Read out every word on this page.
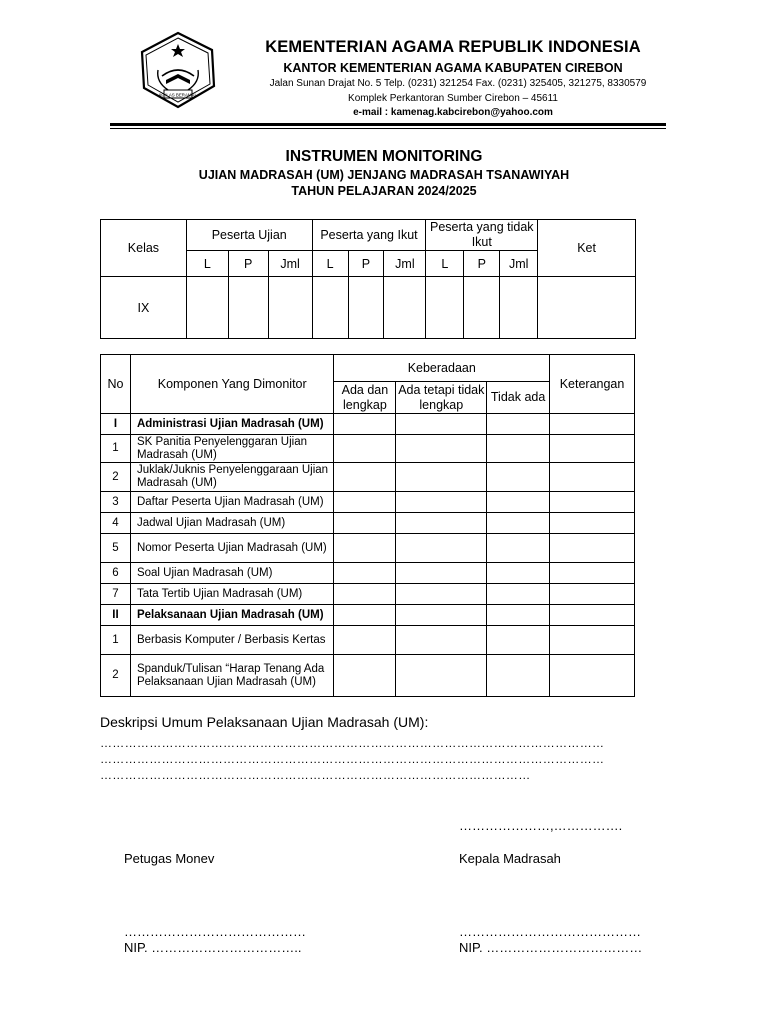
IKHLAS BERAMAL
KEMENTERIAN AGAMA REPUBLIK INDONESIA
KANTOR KEMENTERIAN AGAMA KABUPATEN CIREBON
Jalan Sunan Drajat No. 5 Telp. (0231) 321254 Fax. (0231) 325405, 321275, 8330579
Komplek Perkantoran Sumber Cirebon – 45611
e-mail : kamenag.kabcirebon@yahoo.com
INSTRUMEN MONITORING
UJIAN MADRASAH (UM) JENJANG MADRASAH TSANAWIYAH
TAHUN PELAJARAN 2024/2025
Kelas	Peserta Ujian			Peserta yang Ikut			Peserta yang tidak Ikut			Ket
	L	P	Jml	L	P	Jml	L	P	Jml	
IX										
No	Komponen Yang Dimonitor	Keberadaan			Keterangan
		Ada dan lengkap	Ada tetapi tidak lengkap	Tidak ada	
I	Administrasi Ujian Madrasah (UM)				
1	SK Panitia Penyelenggaran Ujian Madrasah (UM)				
2	Juklak/Juknis Penyelenggaraan Ujian Madrasah (UM)				
3	Daftar Peserta Ujian Madrasah (UM)				
4	Jadwal Ujian Madrasah (UM)				
5	Nomor Peserta Ujian Madrasah (UM)				
6	Soal Ujian Madrasah (UM)				
7	Tata Tertib Ujian Madrasah (UM)				
II	Pelaksanaan Ujian Madrasah (UM)				
1	Berbasis Komputer / Berbasis Kertas				
2	Spanduk/Tulisan “Harap Tenang Ada Pelaksanaan Ujian Madrasah (UM)				
Deskripsi Umum Pelaksanaan Ujian Madrasah (UM):
……………………………………………………………………………………………………………
……………………………………………………………………………………………………………
……………………………………………………………………………………………
…………………,…………….
Petugas Monev	Kepala Madrasah
……………………………………	……………………………………
NIP. ……………………………..	NIP. ………………………………
